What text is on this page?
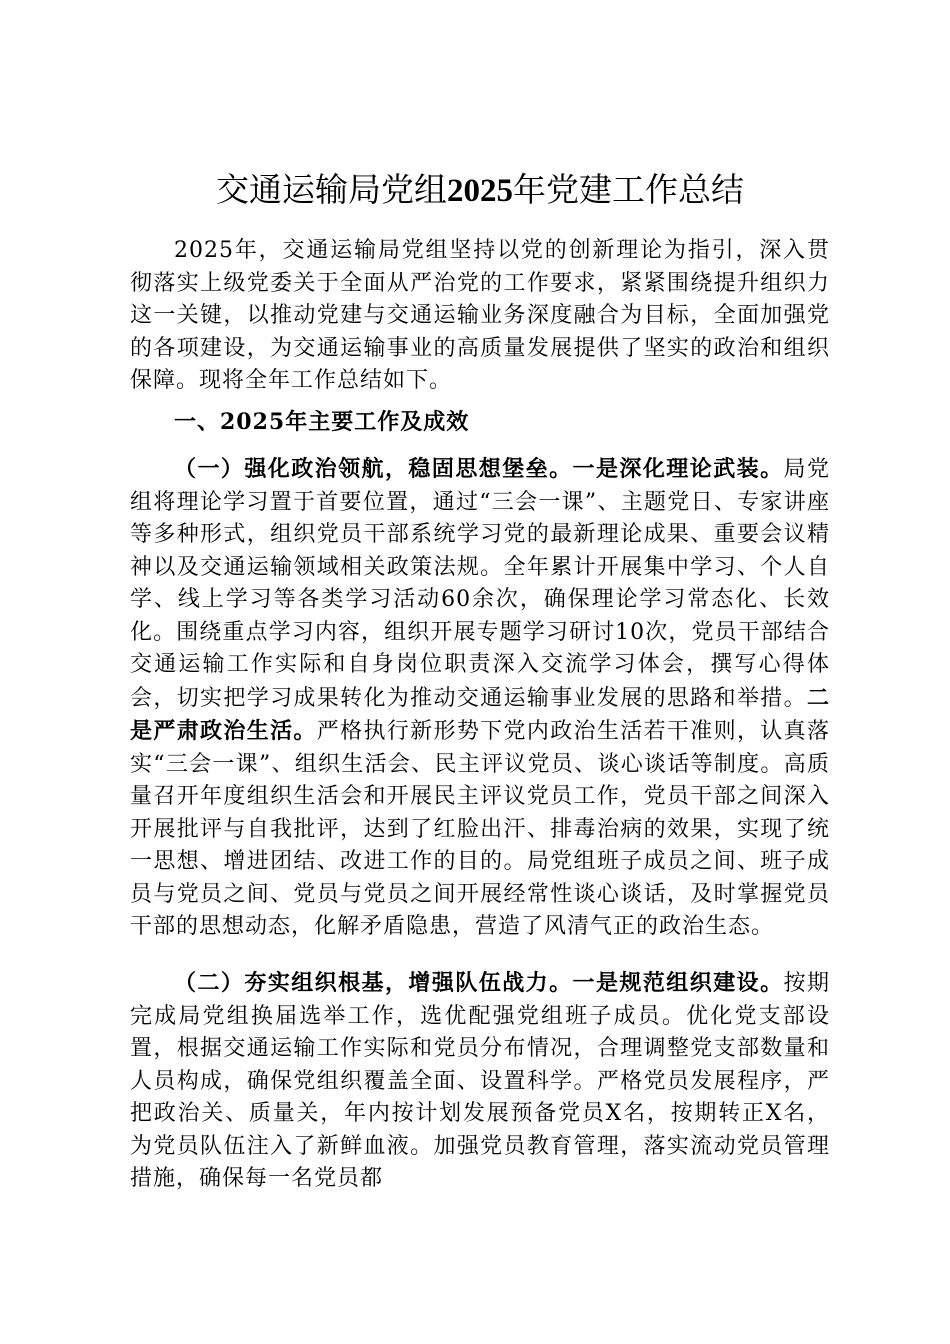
交通运输局党组2025年党建工作总结

2025年，交通运输局党组坚持以党的创新理论为指引，深入贯彻落实上级党委关于全面从严治党的工作要求，紧紧围绕提升组织力这一关键，以推动党建与交通运输业务深度融合为目标，全面加强党的各项建设，为交通运输事业的高质量发展提供了坚实的政治和组织保障。现将全年工作总结如下。

一、2025年主要工作及成效

（一）强化政治领航，稳固思想堡垒。一是深化理论武装。局党组将理论学习置于首要位置，通过“三会一课”、主题党日、专家讲座等多种形式，组织党员干部系统学习党的最新理论成果、重要会议精神以及交通运输领域相关政策法规。全年累计开展集中学习、个人自学、线上学习等各类学习活动60余次，确保理论学习常态化、长效化。围绕重点学习内容，组织开展专题学习研讨10次，党员干部结合交通运输工作实际和自身岗位职责深入交流学习体会，撰写心得体会，切实把学习成果转化为推动交通运输事业发展的思路和举措。二是严肃政治生活。严格执行新形势下党内政治生活若干准则，认真落实“三会一课”、组织生活会、民主评议党员、谈心谈话等制度。高质量召开年度组织生活会和开展民主评议党员工作，党员干部之间深入开展批评与自我批评，达到了红脸出汗、排毒治病的效果，实现了统一思想、增进团结、改进工作的目的。局党组班子成员之间、班子成员与党员之间、党员与党员之间开展经常性谈心谈话，及时掌握党员干部的思想动态，化解矛盾隐患，营造了风清气正的政治生态。

（二）夯实组织根基，增强队伍战力。一是规范组织建设。按期完成局党组换届选举工作，选优配强党组班子成员。优化党支部设置，根据交通运输工作实际和党员分布情况，合理调整党支部数量和人员构成，确保党组织覆盖全面、设置科学。严格党员发展程序，严把政治关、质量关，年内按计划发展预备党员X名，按期转正X名，为党员队伍注入了新鲜血液。加强党员教育管理，落实流动党员管理措施，确保每一名党员都
